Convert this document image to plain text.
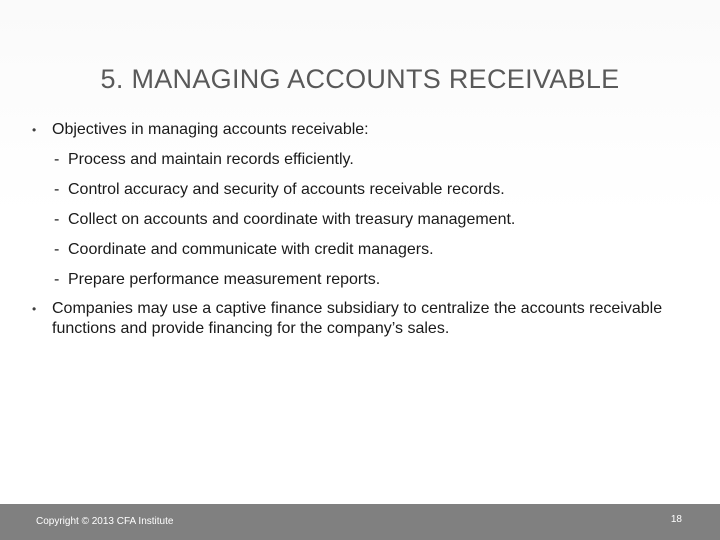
5. MANAGING ACCOUNTS RECEIVABLE
• Objectives in managing accounts receivable:
- Process and maintain records efficiently.
- Control accuracy and security of accounts receivable records.
- Collect on accounts and coordinate with treasury management.
- Coordinate and communicate with credit managers.
- Prepare performance measurement reports.
• Companies may use a captive finance subsidiary to centralize the accounts receivable functions and provide financing for the company’s sales.
Copyright © 2013 CFA Institute	18
